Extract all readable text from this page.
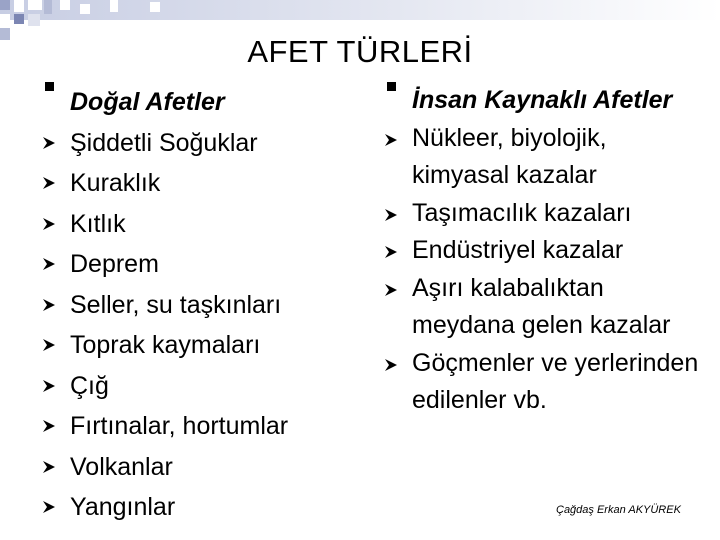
AFET TÜRLERİ
Doğal Afetler
Şiddetli Soğuklar
Kuraklık
Kıtlık
Deprem
Seller, su taşkınları
Toprak kaymaları
Çığ
Fırtınalar, hortumlar
Volkanlar
Yangınlar
İnsan Kaynaklı Afetler
Nükleer, biyolojik, kimyasal kazalar
Taşımacılık kazaları
Endüstriyel kazalar
Aşırı kalabalıktan meydana gelen kazalar
Göçmenler ve yerlerinden edilenler vb.
Çağdaş Erkan AKYÜREK
